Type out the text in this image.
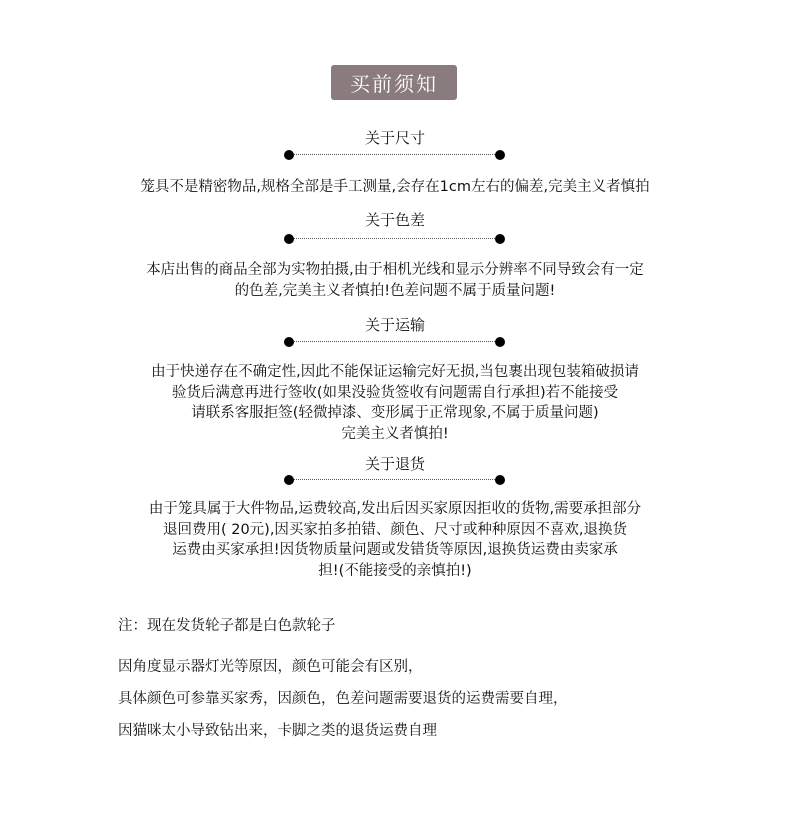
买前须知
关于尺寸
笼具不是精密物品,规格全部是手工测量,会存在1cm左右的偏差,完美主义者慎拍
关于色差
本店出售的商品全部为实物拍摄,由于相机光线和显示分辨率不同导致会有一定
的色差,完美主义者慎拍!色差问题不属于质量问题!
关于运输
由于快递存在不确定性,因此不能保证运输完好无损,当包裹出现包装箱破损请
验货后满意再进行签收(如果没验货签收有问题需自行承担)若不能接受
请联系客服拒签(轻微掉漆、变形属于正常现象,不属于质量问题)
完美主义者慎拍!
关于退货
由于笼具属于大件物品,运费较高,发出后因买家原因拒收的货物,需要承担部分
退回费用( 20元),因买家拍多拍错、颜色、尺寸或种种原因不喜欢,退换货
运费由买家承担!因货物质量问题或发错货等原因,退换货运费由卖家承
担!(不能接受的亲慎拍!)
注：现在发货轮子都是白色款轮子
因角度显示器灯光等原因，颜色可能会有区别，
具体颜色可参靠买家秀，因颜色，色差问题需要退货的运费需要自理，
因猫咪太小导致钻出来，卡脚之类的退货运费自理
